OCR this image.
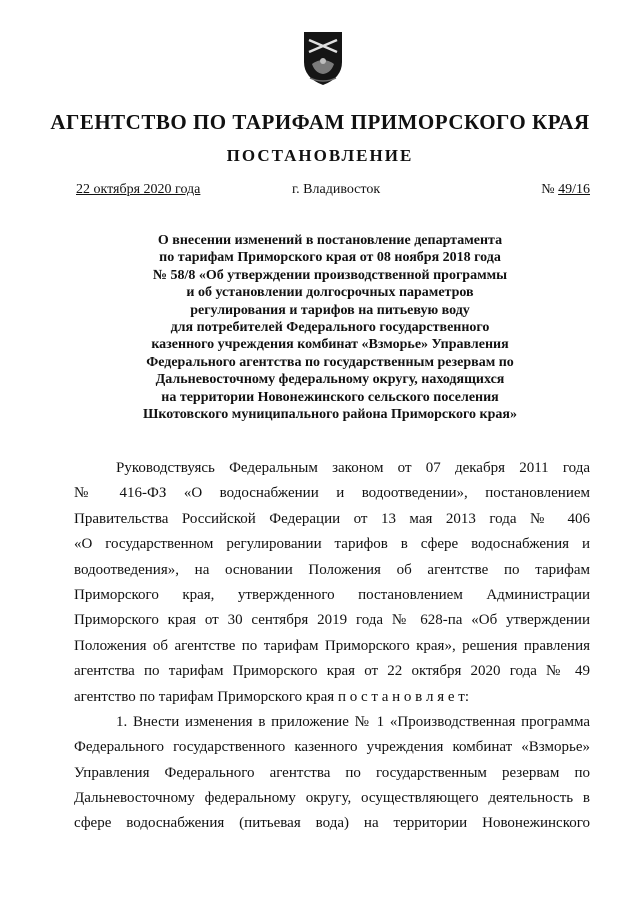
АГЕНТСТВО ПО ТАРИФАМ ПРИМОРСКОГО КРАЯ
ПОСТАНОВЛЕНИЕ
22 октября 2020 года	г. Владивосток	№ 49/16
О внесении изменений в постановление департамента
по тарифам Приморского края от 08 ноября 2018 года
№ 58/8 «Об утверждении производственной программы
и об установлении долгосрочных параметров
регулирования и тарифов на питьевую воду
для потребителей Федерального государственного
казенного учреждения комбинат «Взморье» Управления
Федерального агентства по государственным резервам по
Дальневосточному федеральному округу, находящихся
на территории Новонежинского сельского поселения
Шкотовского муниципального района Приморского края»
Руководствуясь Федеральным законом от 07 декабря 2011 года
№ 416-ФЗ «О водоснабжении и водоотведении», постановлением
Правительства Российской Федерации от 13 мая 2013 года № 406
«О государственном регулировании тарифов в сфере водоснабжения и
водоотведения», на основании Положения об агентстве по тарифам
Приморского края, утвержденного постановлением Администрации
Приморского края от 30 сентября 2019 года № 628-па «Об утверждении
Положения об агентстве по тарифам Приморского края», решения правления
агентства по тарифам Приморского края от 22 октября 2020 года № 49
агентство по тарифам Приморского края п о с т а н о в л я е т:
1. Внести изменения в приложение № 1 «Производственная программа
Федерального государственного казенного учреждения комбинат «Взморье»
Управления Федерального агентства по государственным резервам по
Дальневосточному федеральному округу, осуществляющего деятельность в
сфере водоснабжения (питьевая вода) на территории Новонежинского
